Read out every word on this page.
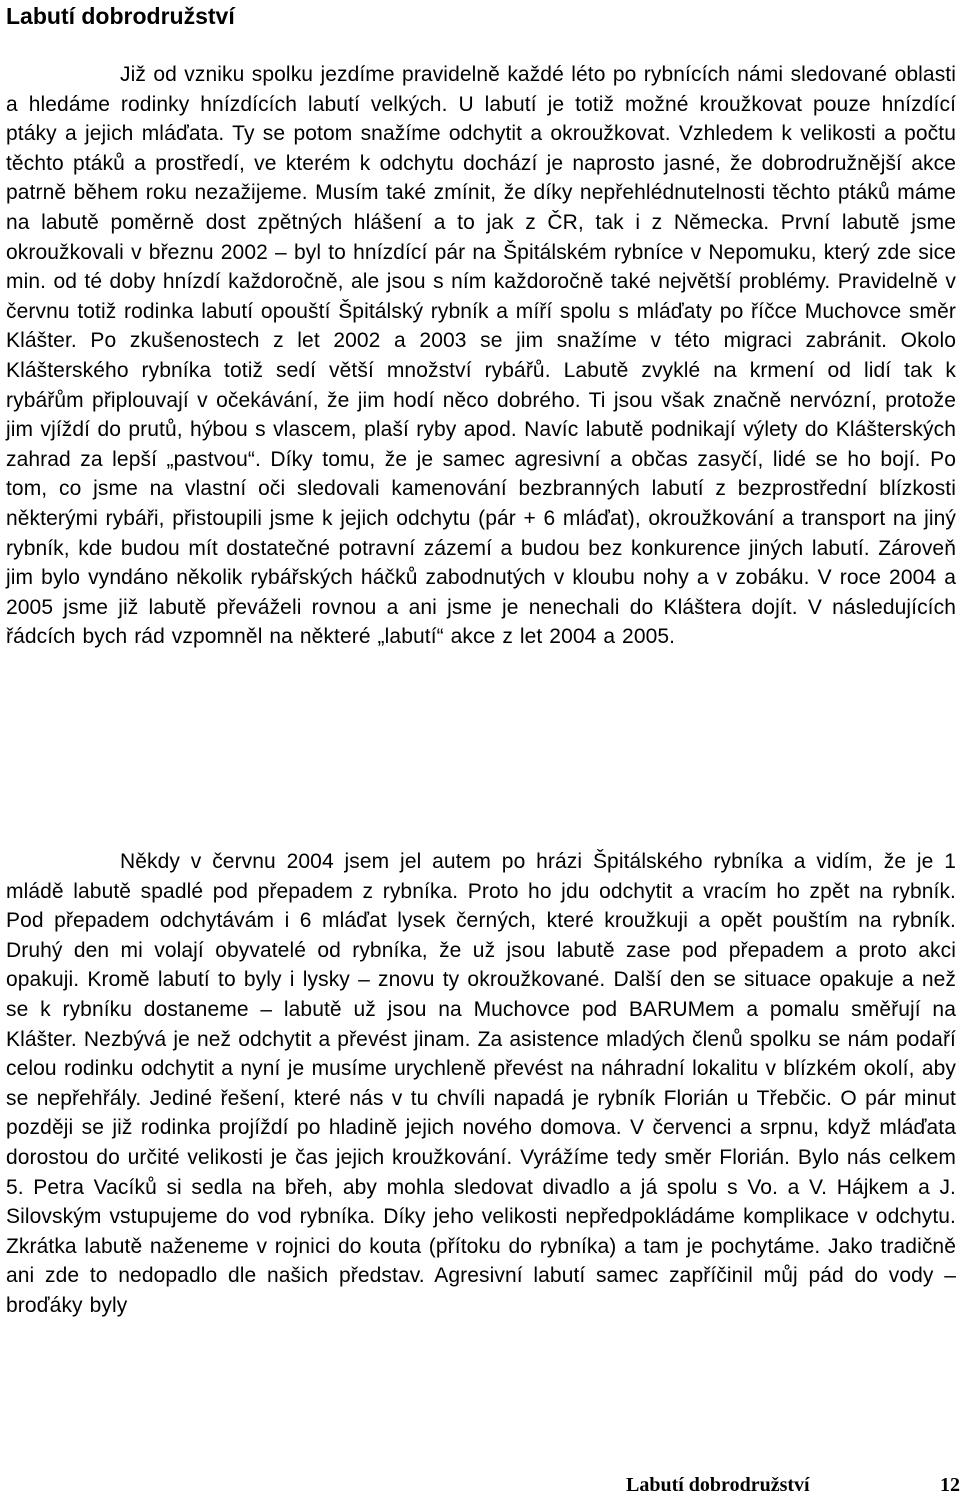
Labutí dobrodružství

Již od vzniku spolku jezdíme pravidelně každé léto po rybnících námi sledované oblasti a hledáme rodinky hnízdících labutí velkých. U labutí je totiž možné kroužkovat pouze hnízdící ptáky a jejich mláďata. Ty se potom snažíme odchytit a okroužkovat. Vzhledem k velikosti a počtu těchto ptáků a prostředí, ve kterém k odchytu dochází je naprosto jasné, že dobrodružnější akce patrně během roku nezažijeme. Musím také zmínit, že díky nepřehlédnutelnosti těchto ptáků máme na labutě poměrně dost zpětných hlášení a to jak z ČR, tak i z Německa. První labutě jsme okroužkovali v březnu 2002 – byl to hnízdící pár na Špitálském rybníce v Nepomuku, který zde sice min. od té doby hnízdí každoročně, ale jsou s ním každoročně také největší problémy. Pravidelně v červnu totiž rodinka labutí opouští Špitálský rybník a míří spolu s mláďaty po říčce Muchovce směr Klášter. Po zkušenostech z let 2002 a 2003 se jim snažíme v této migraci zabránit. Okolo Klášterského rybníka totiž sedí větší množství rybářů. Labutě zvyklé na krmení od lidí tak k rybářům připlouvají v očekávání, že jim hodí něco dobrého. Ti jsou však značně nervózní, protože jim vjíždí do prutů, hýbou s vlascem, plaší ryby apod. Navíc labutě podnikají výlety do Klášterských zahrad za lepší „pastvou“. Díky tomu, že je samec agresivní a občas zasyčí, lidé se ho bojí. Po tom, co jsme na vlastní oči sledovali kamenování bezbranných labutí z bezprostřední blízkosti některými rybáři, přistoupili jsme k jejich odchytu (pár + 6 mláďat), okroužkování a transport na jiný rybník, kde budou mít dostatečné potravní zázemí a budou bez konkurence jiných labutí. Zároveň jim bylo vyndáno několik rybářských háčků zabodnutých v kloubu nohy a v zobáku. V roce 2004 a 2005 jsme již labutě převáželi rovnou a ani jsme je nenechali do Kláštera dojít. V následujících řádcích bych rád vzpomněl na některé „labutí“ akce z let 2004 a 2005.

Někdy v červnu 2004 jsem jel autem po hrázi Špitálského rybníka a vidím, že je 1 mládě labutě spadlé pod přepadem z rybníka. Proto ho jdu odchytit a vracím ho zpět na rybník. Pod přepadem odchytávám i 6 mláďat lysek černých, které kroužkuji a opět pouštím na rybník. Druhý den mi volají obyvatelé od rybníka, že už jsou labutě zase pod přepadem a proto akci opakuji. Kromě labutí to byly i lysky – znovu ty okroužkované. Další den se situace opakuje a než se k rybníku dostaneme – labutě už jsou na Muchovce pod BARUMem a pomalu směřují na Klášter. Nezbývá je než odchytit a převést jinam. Za asistence mladých členů spolku se nám podaří celou rodinku odchytit a nyní je musíme urychleně převést na náhradní lokalitu v blízkém okolí, aby se nepřehřály. Jediné řešení, které nás v tu chvíli napadá je rybník Florián u Třebčic. O pár minut později se již rodinka projíždí po hladině jejich nového domova. V červenci a srpnu, když mláďata dorostou do určité velikosti je čas jejich kroužkování. Vyrážíme tedy směr Florián. Bylo nás celkem 5. Petra Vacíků si sedla na břeh, aby mohla sledovat divadlo a já spolu s Vo. a V. Hájkem a J. Silovským vstupujeme do vod rybníka. Díky jeho velikosti nepředpokládáme komplikace v odchytu. Zkrátka labutě naženeme v rojnici do kouta (přítoku do rybníka) a tam je pochytáme. Jako tradičně ani zde to nedopadlo dle našich představ. Agresivní labutí samec zapříčinil můj pád do vody – broďáky byly

Labutí dobrodružství	12
